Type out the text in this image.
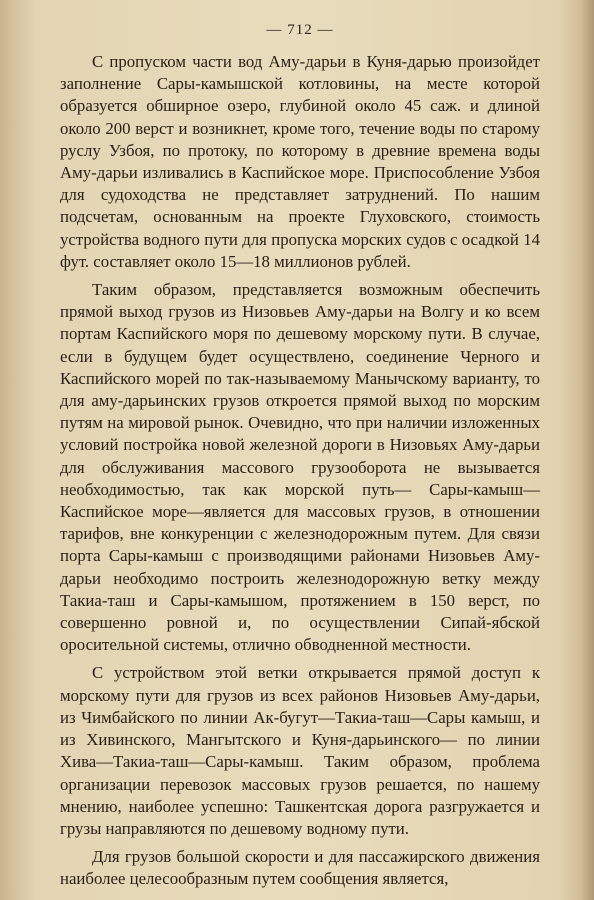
— 712 —

С пропуском части вод Аму-дарьи в Куня-дарью произойдет заполнение Сары-камышской котловины, на месте которой образуется обширное озеро, глубиной около 45 саж. и длиной около 200 верст и возникнет, кроме того, течение воды по старому руслу Узбоя, по протоку, по которому в древние времена воды Аму-дарьи изливались в Каспийское море. Приспособление Узбоя для судоходства не представляет затруднений. По нашим подсчетам, основанным на проекте Глуховского, стоимость устройства водного пути для пропуска морских судов с осадкой 14 фут. составляет около 15—18 миллионов рублей.

Таким образом, представляется возможным обеспечить прямой выход грузов из Низовьев Аму-дарьи на Волгу и ко всем портам Каспийского моря по дешевому морскому пути. В случае, если в будущем будет осуществлено, соединение Черного и Каспийского морей по так-называемому Манычскому варианту, то для аму-дарьинских грузов откроется прямой выход по морским путям на мировой рынок. Очевидно, что при наличии изложенных условий постройка новой железной дороги в Низовьях Аму-дарьи для обслуживания массового грузооборота не вызывается необходимостью, так как морской путь— Сары-камыш—Каспийское море—является для массовых грузов, в отношении тарифов, вне конкуренции с железнодорожным путем. Для связи порта Сары-камыш с производящими районами Низовьев Аму-дарьи необходимо построить железнодорожную ветку между Такиа-таш и Сары-камышом, протяжением в 150 верст, по совершенно ровной и, по осуществлении Сипай-ябской оросительной системы, отлично обводненной местности.

С устройством этой ветки открывается прямой доступ к морскому пути для грузов из всех районов Низовьев Аму-дарьи, из Чимбайского по линии Ак-бугут—Такиа-таш—Сары камыш, и из Хивинского, Мангытского и Куня-дарьинского— по линии Хива—Такиа-таш—Сары-камыш. Таким образом, проблема организации перевозок массовых грузов решается, по нашему мнению, наиболее успешно: Ташкентская дорога разгружается и грузы направляются по дешевому водному пути.

Для грузов большой скорости и для пассажирского движения наиболее целесообразным путем сообщения является,
